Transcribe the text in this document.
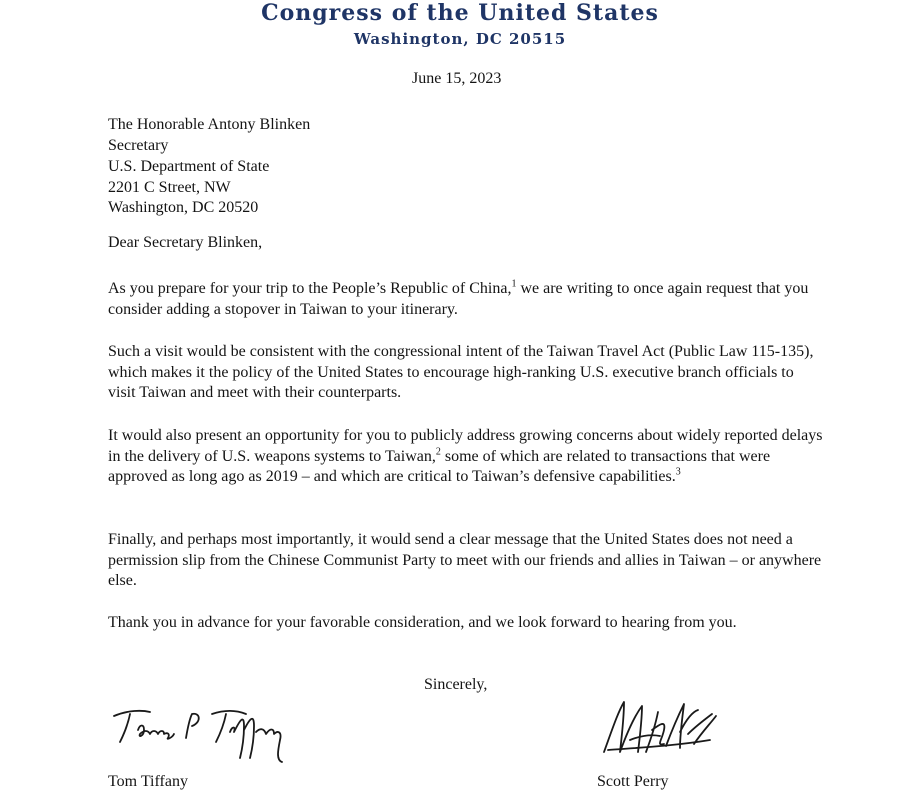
Congress of the United States
Washington, DC 20515
June 15, 2023
The Honorable Antony Blinken
Secretary
U.S. Department of State
2201 C Street, NW
Washington, DC 20520
Dear Secretary Blinken,
As you prepare for your trip to the People’s Republic of China,$^1$ we are writing to once again request that you consider adding a stopover in Taiwan to your itinerary.
Such a visit would be consistent with the congressional intent of the Taiwan Travel Act (Public Law 115-135), which makes it the policy of the United States to encourage high-ranking U.S. executive branch officials to visit Taiwan and meet with their counterparts.
It would also present an opportunity for you to publicly address growing concerns about widely reported delays in the delivery of U.S. weapons systems to Taiwan,$^2$ some of which are related to transactions that were approved as long ago as 2019 – and which are critical to Taiwan’s defensive capabilities.$^3$
Finally, and perhaps most importantly, it would send a clear message that the United States does not need a permission slip from the Chinese Communist Party to meet with our friends and allies in Taiwan – or anywhere else.
Thank you in advance for your favorable consideration, and we look forward to hearing from you.
Sincerely,
Tom Tiffany	Scott Perry
